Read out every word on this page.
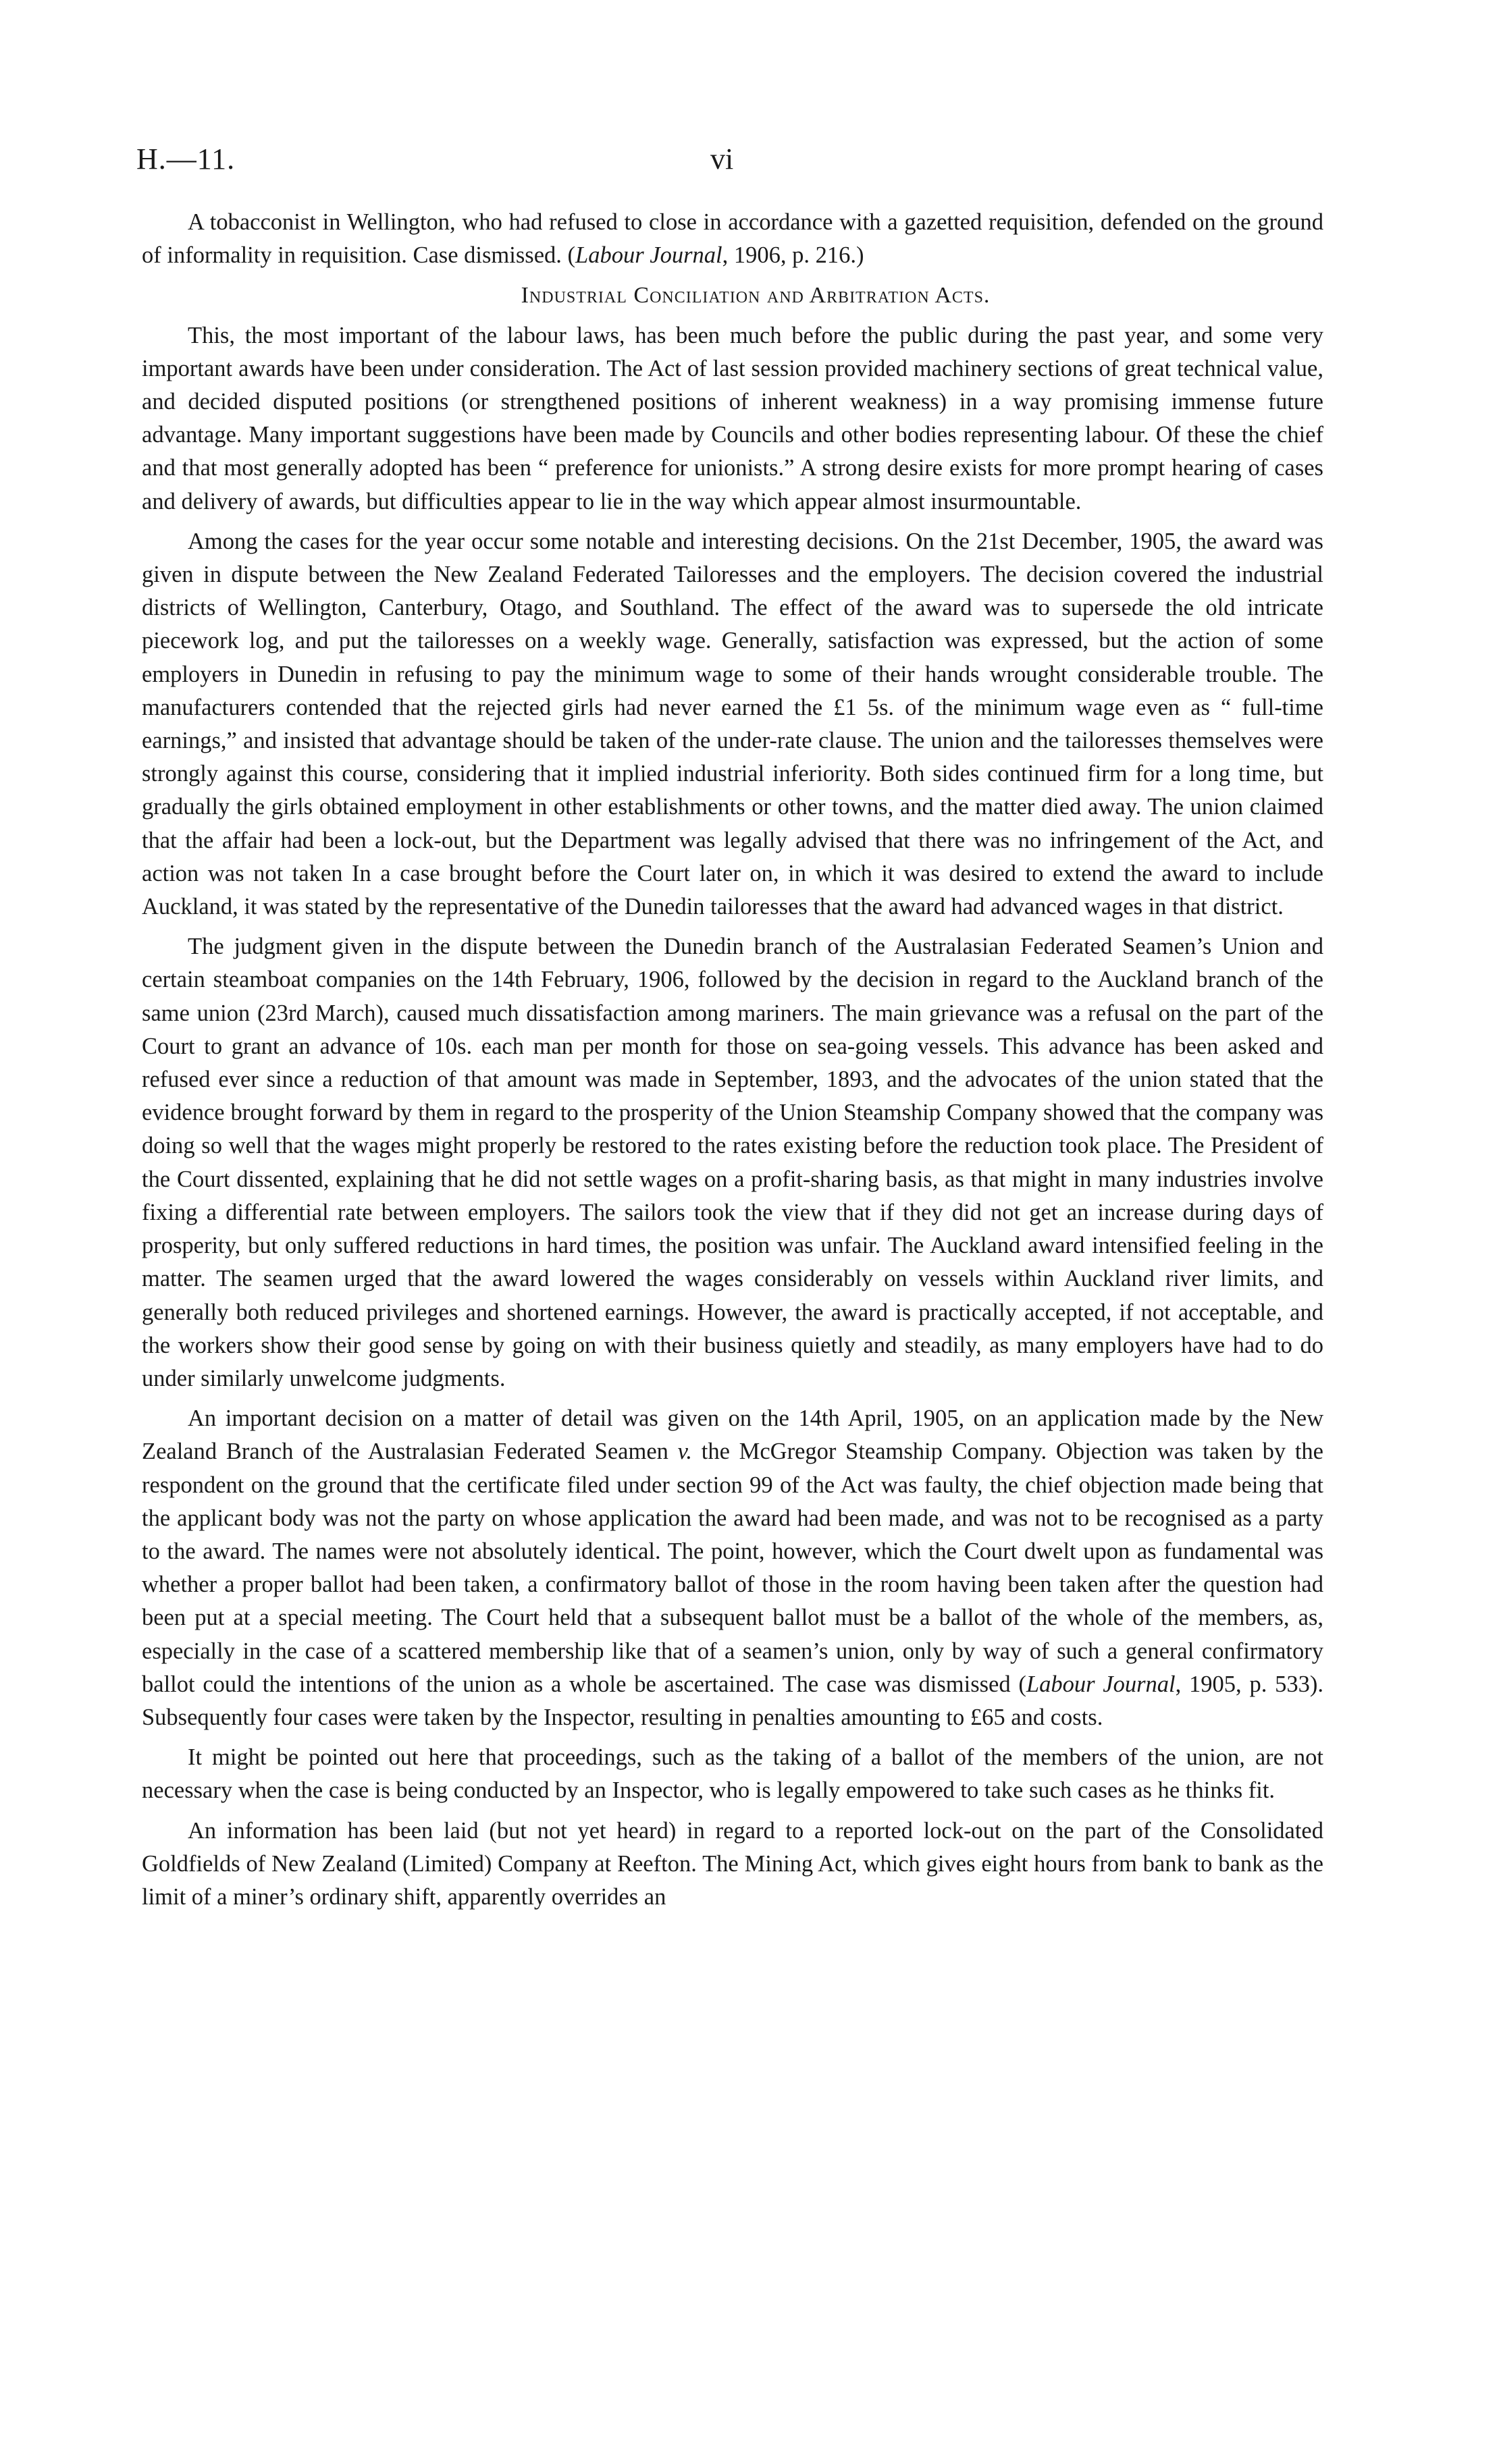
H.—11.	vi

A tobacconist in Wellington, who had refused to close in accordance with a gazetted requisition, defended on the ground of informality in requisition. Case dismissed. (Labour Journal, 1906, p. 216.)

Industrial Conciliation and Arbitration Acts.

This, the most important of the labour laws, has been much before the public during the past year, and some very important awards have been under consideration. The Act of last session provided machinery sections of great technical value, and decided disputed positions (or strengthened positions of inherent weakness) in a way promising immense future advantage. Many important suggestions have been made by Councils and other bodies representing labour. Of these the chief and that most generally adopted has been “ preference for unionists.” A strong desire exists for more prompt hearing of cases and delivery of awards, but difficulties appear to lie in the way which appear almost insurmountable.

Among the cases for the year occur some notable and interesting decisions. On the 21st December, 1905, the award was given in dispute between the New Zealand Federated Tailoresses and the employers. The decision covered the industrial districts of Wellington, Canterbury, Otago, and Southland. The effect of the award was to supersede the old intricate piecework log, and put the tailoresses on a weekly wage. Generally, satisfaction was expressed, but the action of some employers in Dunedin in refusing to pay the minimum wage to some of their hands wrought considerable trouble. The manufacturers contended that the rejected girls had never earned the £1 5s. of the minimum wage even as “ full-time earnings,” and insisted that advantage should be taken of the under-rate clause. The union and the tailoresses themselves were strongly against this course, considering that it implied industrial inferiority. Both sides continued firm for a long time, but gradually the girls obtained employment in other establishments or other towns, and the matter died away. The union claimed that the affair had been a lock-out, but the Department was legally advised that there was no infringement of the Act, and action was not taken In a case brought before the Court later on, in which it was desired to extend the award to include Auckland, it was stated by the representative of the Dunedin tailoresses that the award had advanced wages in that district.

The judgment given in the dispute between the Dunedin branch of the Australasian Federated Seamen’s Union and certain steamboat companies on the 14th February, 1906, followed by the decision in regard to the Auckland branch of the same union (23rd March), caused much dissatisfaction among mariners. The main grievance was a refusal on the part of the Court to grant an advance of 10s. each man per month for those on sea-going vessels. This advance has been asked and refused ever since a reduction of that amount was made in September, 1893, and the advocates of the union stated that the evidence brought forward by them in regard to the prosperity of the Union Steamship Company showed that the company was doing so well that the wages might properly be restored to the rates existing before the reduction took place. The President of the Court dissented, explaining that he did not settle wages on a profit-sharing basis, as that might in many industries involve fixing a differential rate between employers. The sailors took the view that if they did not get an increase during days of prosperity, but only suffered reductions in hard times, the position was unfair. The Auckland award intensified feeling in the matter. The seamen urged that the award lowered the wages considerably on vessels within Auckland river limits, and generally both reduced privileges and shortened earnings. However, the award is practically accepted, if not acceptable, and the workers show their good sense by going on with their business quietly and steadily, as many employers have had to do under similarly unwelcome judgments.

An important decision on a matter of detail was given on the 14th April, 1905, on an application made by the New Zealand Branch of the Australasian Federated Seamen v. the McGregor Steamship Company. Objection was taken by the respondent on the ground that the certificate filed under section 99 of the Act was faulty, the chief objection made being that the applicant body was not the party on whose application the award had been made, and was not to be recognised as a party to the award. The names were not absolutely identical. The point, however, which the Court dwelt upon as fundamental was whether a proper ballot had been taken, a confirmatory ballot of those in the room having been taken after the question had been put at a special meeting. The Court held that a subsequent ballot must be a ballot of the whole of the members, as, especially in the case of a scattered membership like that of a seamen’s union, only by way of such a general confirmatory ballot could the intentions of the union as a whole be ascertained. The case was dismissed (Labour Journal, 1905, p. 533). Subsequently four cases were taken by the Inspector, resulting in penalties amounting to £65 and costs.

It might be pointed out here that proceedings, such as the taking of a ballot of the members of the union, are not necessary when the case is being conducted by an Inspector, who is legally empowered to take such cases as he thinks fit.

An information has been laid (but not yet heard) in regard to a reported lock-out on the part of the Consolidated Goldfields of New Zealand (Limited) Company at Reefton. The Mining Act, which gives eight hours from bank to bank as the limit of a miner’s ordinary shift, apparently overrides an
